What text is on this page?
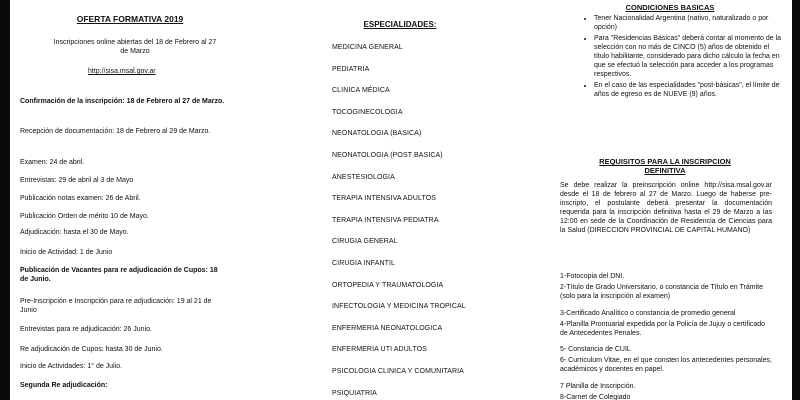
OFERTA FORMATIVA 2019
Inscripciones online abiertas del 18 de Febrero al 27 de Marzo
http://sisa.msal.gov.ar

Confirmación de la inscripción: 18 de Febrero al 27 de Marzo.

Recepción de documentación: 18 de Febrero al 29 de Marzo.

Examen: 24 de abril.

Entrevistas: 29 de abril al 3 de Mayo

Publicación notas examen: 26 de Abril.

Publicación Orden de mérito 10 de Mayo.

Adjudicación: hasta el 30 de Mayo.

Inicio de Actividad: 1 de Junio

Publicación de Vacantes para re adjudicación de Cupos: 18 de Junio.

Pre-Inscripción e Inscripción para re adjudicación: 19 al 21 de Junio

Entrevistas para re adjudicación: 26 Junio.

Re adjudicación de Cupos: hasta 30 de Junio.

Inicio de Actividades: 1° de Julio.

Segunda Re adjudicación:

ESPECIALIDADES:
MEDICINA GENERAL
PEDIATRIA
CLINICA MÉDICA
TOCOGINECOLOGIA
NEONATOLOGIA (BASICA)
NEONATOLOGIA (POST BASICA)
ANESTESIOLOGIA
TERAPIA INTENSIVA ADULTOS
TERAPIA INTENSIVA PEDIATRA
CIRUGIA GENERAL
CIRUGIA INFANTIL
ORTOPEDIA Y TRAUMATOLOGIA
INFECTOLOGIA Y MEDICINA TROPICAL
ENFERMERIA NEONATOLOGICA
ENFERMERIA UTI ADULTOS
PSICOLOGIA CLINICA Y COMUNITARIA
PSIQUIATRIA
CONDICIONES BASICAS
• Tener Nacionalidad Argentina (nativo, naturalizado o por opción)
• Para "Residencias Básicas" deberá contar al momento de la selección con no más de CINCO (5) años de obtenido el título habilitante, considerado para dicho cálculo la fecha en que se efectuó la selección para acceder a los programas respectivos.
• En el caso de las especialidades "post-básicas", el límite de años de egreso es de NUEVE (9) años.
REQUISITOS PARA LA INSCRIPCION DEFINITIVA
Se debe realizar la preinscripción online http://sisa.msal.gov.ar desde el 18 de febrero al 27 de Marzo. Luego de haberse pre-inscripto, el postulante deberá presentar la documentación requerida para la inscripción definitiva hasta el 29 de Marzo a las 12:00 en sede de la Coordinación de Residencia de Ciencias para la Salud (DIRECCION PROVINCIAL DE CAPITAL HUMANO)
1-Fotocopia del DNI.
2-Título de Grado Universitario, o constancia de Título en Trámite (solo para la inscripción al examen)
3-Certificado Analítico o constancia de promedio general
4-Planilla Prontuarial expedida por la Policía de Jujuy o certificado de Antecedentes Penales.
5- Constancia de CUIL
6- Curriculum Vitae, en el que consten los antecedentes personales, académicos y docentes en papel.
7 Planilla de Inscripción.
8-Carnet de Colegiado
